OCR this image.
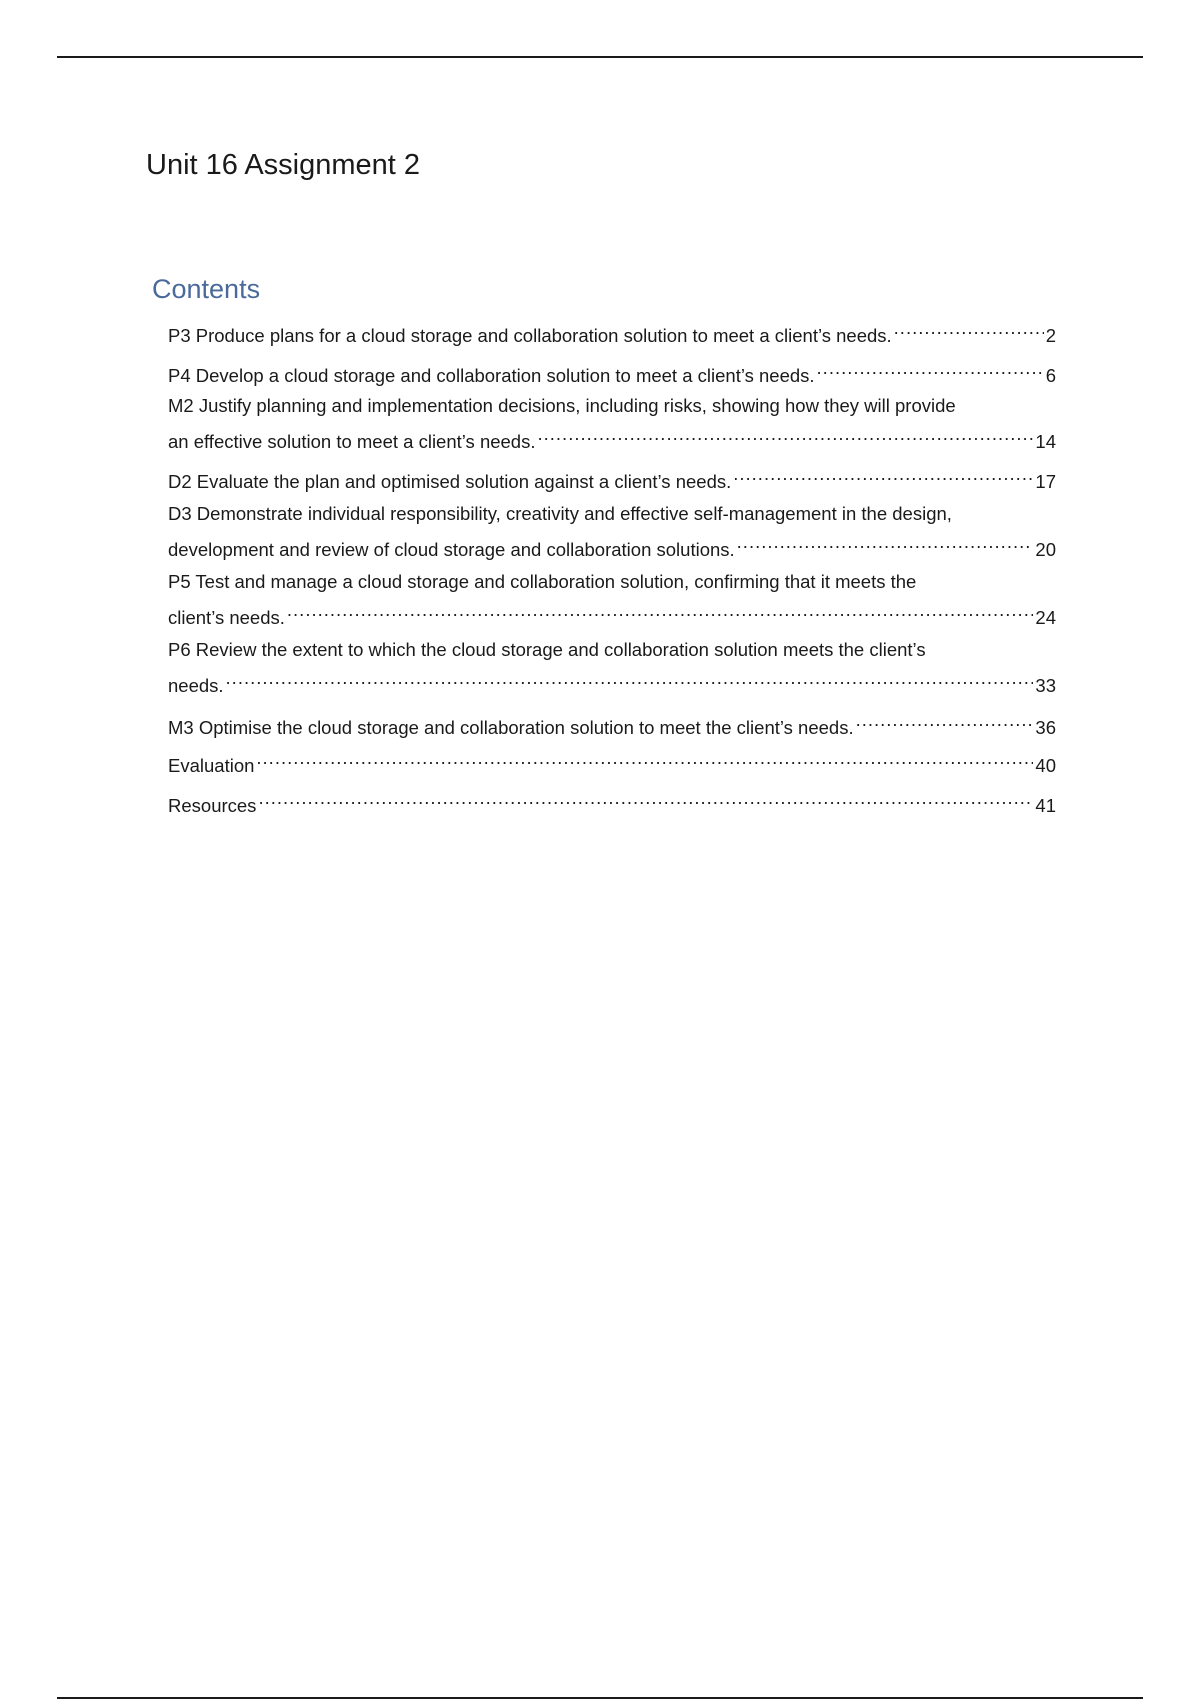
Unit 16 Assignment 2
Contents
P3 Produce plans for a cloud storage and collaboration solution to meet a client’s needs. .....	2
P4 Develop a cloud storage and collaboration solution to meet a client’s needs. .....	6
M2 Justify planning and implementation decisions, including risks, showing how they will provide
an effective solution to meet a client’s needs. .....	14
D2 Evaluate the plan and optimised solution against a client’s needs. .....	17
D3 Demonstrate individual responsibility, creativity and effective self-management in the design,
development and review of cloud storage and collaboration solutions. .....	20
P5 Test and manage a cloud storage and collaboration solution, confirming that it meets the
client’s needs. .....	24
P6 Review the extent to which the cloud storage and collaboration solution meets the client’s
needs. .....	33
M3 Optimise the cloud storage and collaboration solution to meet the client’s needs. .....	36
Evaluation .....	40
Resources .....	41
